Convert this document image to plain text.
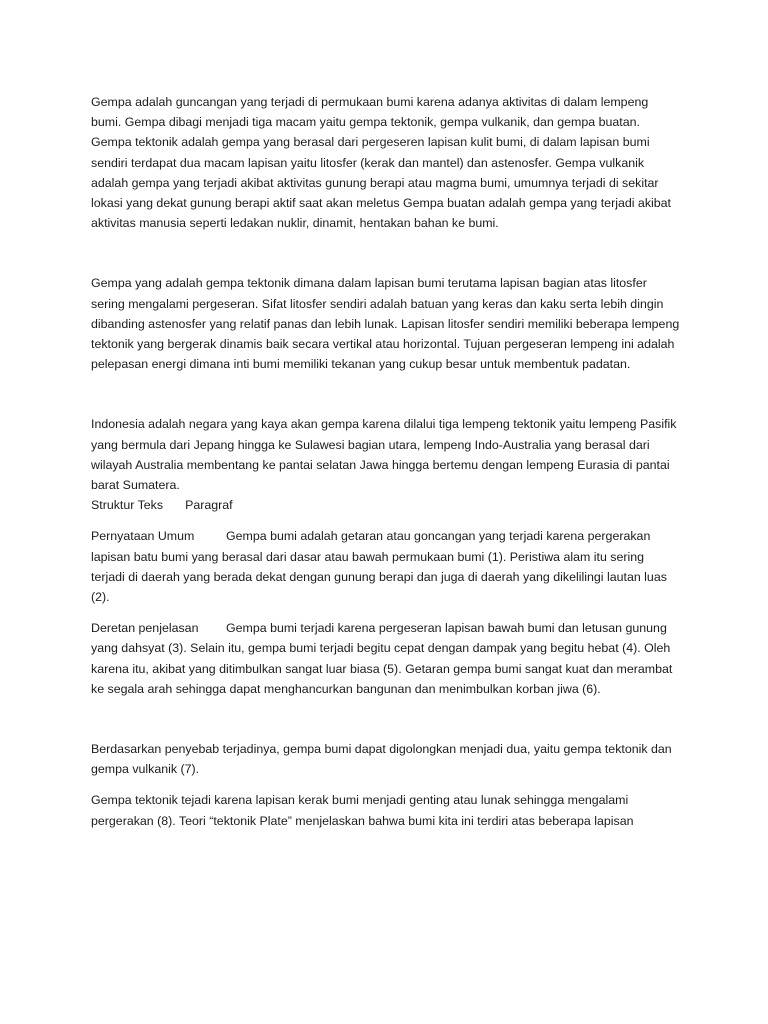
Gempa adalah guncangan yang terjadi di permukaan bumi karena adanya aktivitas di dalam lempeng bumi. Gempa dibagi menjadi tiga macam yaitu gempa tektonik, gempa vulkanik, dan gempa buatan. Gempa tektonik adalah gempa yang berasal dari pergeseren lapisan kulit bumi, di dalam lapisan bumi sendiri terdapat dua macam lapisan yaitu litosfer (kerak dan mantel) dan astenosfer. Gempa vulkanik adalah gempa yang terjadi akibat aktivitas gunung berapi atau magma bumi, umumnya terjadi di sekitar lokasi yang dekat gunung berapi aktif saat akan meletus Gempa buatan adalah gempa yang terjadi akibat aktivitas manusia seperti ledakan nuklir, dinamit, hentakan bahan ke bumi.

Gempa yang adalah gempa tektonik dimana dalam lapisan bumi terutama lapisan bagian atas litosfer sering mengalami pergeseran. Sifat litosfer sendiri adalah batuan yang keras dan kaku serta lebih dingin dibanding astenosfer yang relatif panas dan lebih lunak. Lapisan litosfer sendiri memiliki beberapa lempeng tektonik yang bergerak dinamis baik secara vertikal atau horizontal. Tujuan pergeseran lempeng ini adalah pelepasan energi dimana inti bumi memiliki tekanan yang cukup besar untuk membentuk padatan.

Indonesia adalah negara yang kaya akan gempa karena dilalui tiga lempeng tektonik yaitu lempeng Pasifik yang bermula dari Jepang hingga ke Sulawesi bagian utara, lempeng Indo-Australia yang berasal dari wilayah Australia membentang ke pantai selatan Jawa hingga bertemu dengan lempeng Eurasia di pantai barat Sumatera.

Struktur Teks Paragraf

Pernyataan Umum	Gempa bumi adalah getaran atau goncangan yang terjadi karena pergerakan lapisan batu bumi yang berasal dari dasar atau bawah permukaan bumi (1). Peristiwa alam itu sering terjadi di daerah yang berada dekat dengan gunung berapi dan juga di daerah yang dikelilingi lautan luas (2).

Deretan penjelasan Gempa bumi terjadi karena pergeseran lapisan bawah bumi dan letusan gunung yang dahsyat (3). Selain itu, gempa bumi terjadi begitu cepat dengan dampak yang begitu hebat (4). Oleh karena itu, akibat yang ditimbulkan sangat luar biasa (5). Getaran gempa bumi sangat kuat dan merambat ke segala arah sehingga dapat menghancurkan bangunan dan menimbulkan korban jiwa (6).

Berdasarkan penyebab terjadinya, gempa bumi dapat digolongkan menjadi dua, yaitu gempa tektonik dan gempa vulkanik (7).

Gempa tektonik tejadi karena lapisan kerak bumi menjadi genting atau lunak sehingga mengalami pergerakan (8). Teori “tektonik Plate” menjelaskan bahwa bumi kita ini terdiri atas beberapa lapisan
